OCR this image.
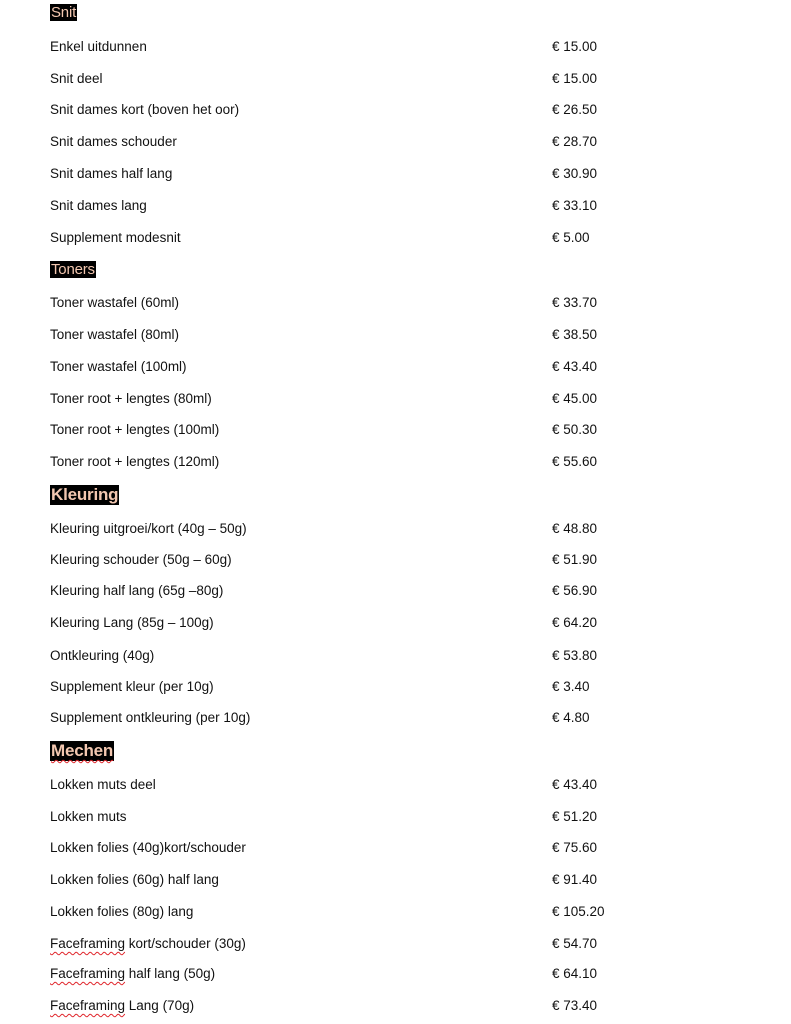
Snit
Enkel uitdunnen	€ 15.00
Snit deel	€ 15.00
Snit dames kort (boven het oor)	€ 26.50
Snit dames schouder	€ 28.70
Snit dames half lang	€ 30.90
Snit dames lang	€ 33.10
Supplement modesnit	€ 5.00
Toners
Toner wastafel (60ml)	€ 33.70
Toner wastafel (80ml)	€ 38.50
Toner wastafel (100ml)	€ 43.40
Toner root + lengtes (80ml)	€ 45.00
Toner root + lengtes (100ml)	€ 50.30
Toner root + lengtes (120ml)	€ 55.60
Kleuring
Kleuring uitgroei/kort (40g – 50g)	€ 48.80
Kleuring schouder (50g – 60g)	€ 51.90
Kleuring half lang (65g –80g)	€ 56.90
Kleuring Lang (85g – 100g)	€ 64.20
Ontkleuring (40g)	€ 53.80
Supplement kleur (per 10g)	€ 3.40
Supplement ontkleuring (per 10g)	€ 4.80
Mechen
Lokken muts deel	€ 43.40
Lokken muts	€ 51.20
Lokken folies (40g)kort/schouder	€ 75.60
Lokken folies (60g) half lang	€ 91.40
Lokken folies (80g) lang	€ 105.20
Faceframing kort/schouder (30g)	€ 54.70
Faceframing half lang (50g)	€ 64.10
Faceframing Lang (70g)	€ 73.40
